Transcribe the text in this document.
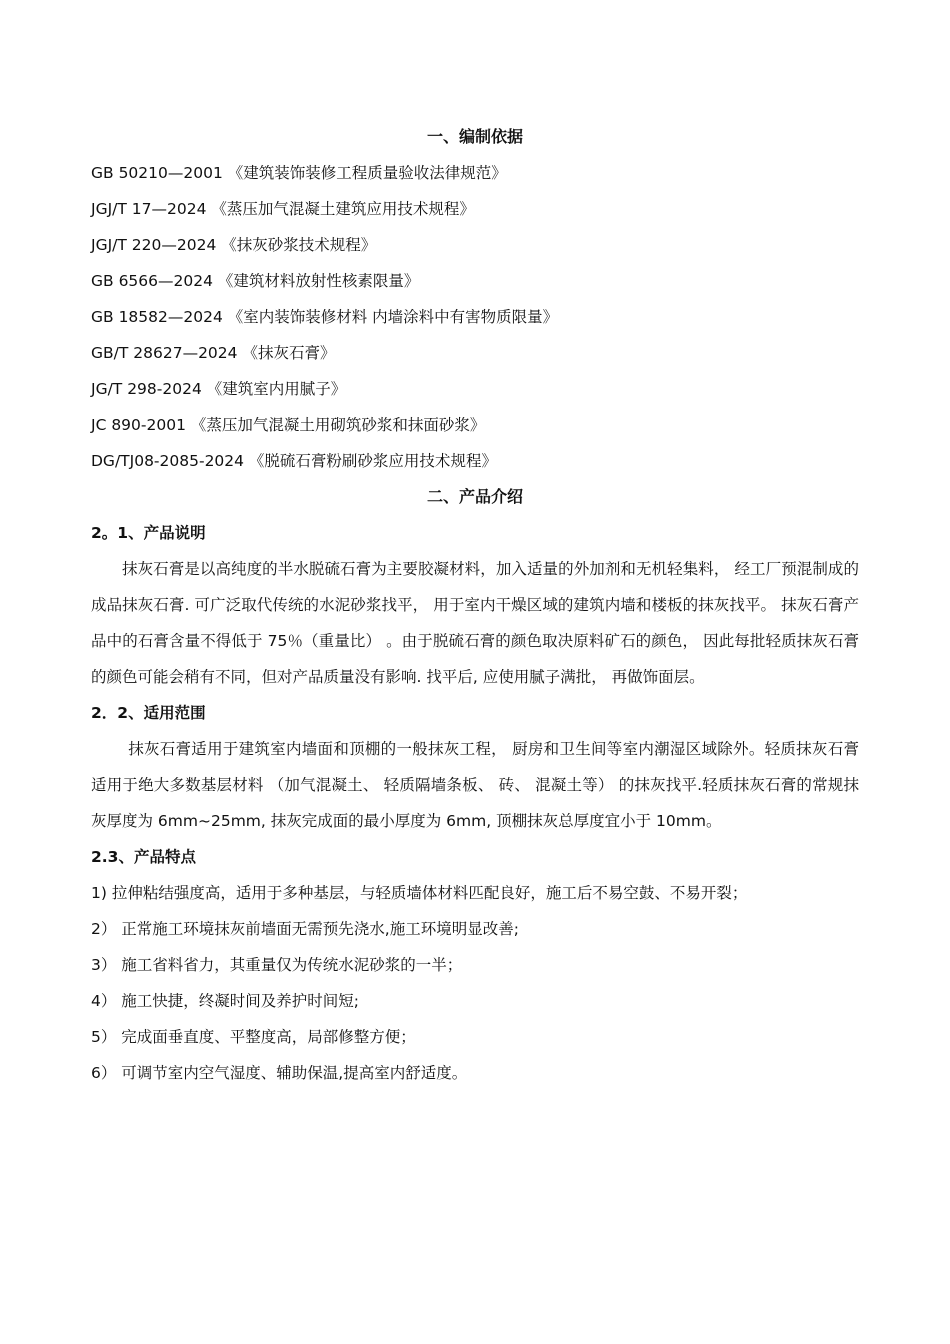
一、编制依据
GB 50210—2001 《建筑装饰装修工程质量验收法律规范》
JGJ/T 17—2024 《蒸压加气混凝土建筑应用技术规程》
JGJ/T 220—2024 《抹灰砂浆技术规程》
GB 6566—2024 《建筑材料放射性核素限量》
GB 18582—2024 《室内装饰装修材料 内墙涂料中有害物质限量》
GB/T 28627—2024 《抹灰石膏》
JG/T 298-2024 《建筑室内用腻子》
JC 890-2001 《蒸压加气混凝土用砌筑砂浆和抹面砂浆》
DG/TJ08-2085-2024 《脱硫石膏粉刷砂浆应用技术规程》
二、产品介绍
2。1、产品说明

抹灰石膏是以高纯度的半水脱硫石膏为主要胶凝材料，加入适量的外加剂和无机轻集料， 经工厂预混制成的成品抹灰石膏. 可广泛取代传统的水泥砂浆找平， 用于室内干燥区域的建筑内墙和楼板的抹灰找平。 抹灰石膏产品中的石膏含量不得低于 75％（重量比） 。由于脱硫石膏的颜色取决原料矿石的颜色， 因此每批轻质抹灰石膏的颜色可能会稍有不同，但对产品质量没有影响. 找平后, 应使用腻子满批， 再做饰面层。

2．2、适用范围

抹灰石膏适用于建筑室内墙面和顶棚的一般抹灰工程， 厨房和卫生间等室内潮湿区域除外。轻质抹灰石膏适用于绝大多数基层材料 （加气混凝土、 轻质隔墙条板、 砖、 混凝土等） 的抹灰找平.轻质抹灰石膏的常规抹灰厚度为 6mm~25mm, 抹灰完成面的最小厚度为 6mm, 顶棚抹灰总厚度宜小于 10mm。

2.3、产品特点

1) 拉伸粘结强度高，适用于多种基层，与轻质墙体材料匹配良好，施工后不易空鼓、不易开裂；

2） 正常施工环境抹灰前墙面无需预先浇水,施工环境明显改善;

3） 施工省料省力，其重量仅为传统水泥砂浆的一半；

4） 施工快捷，终凝时间及养护时间短;

5） 完成面垂直度、平整度高，局部修整方便；

6） 可调节室内空气湿度、辅助保温,提高室内舒适度。
